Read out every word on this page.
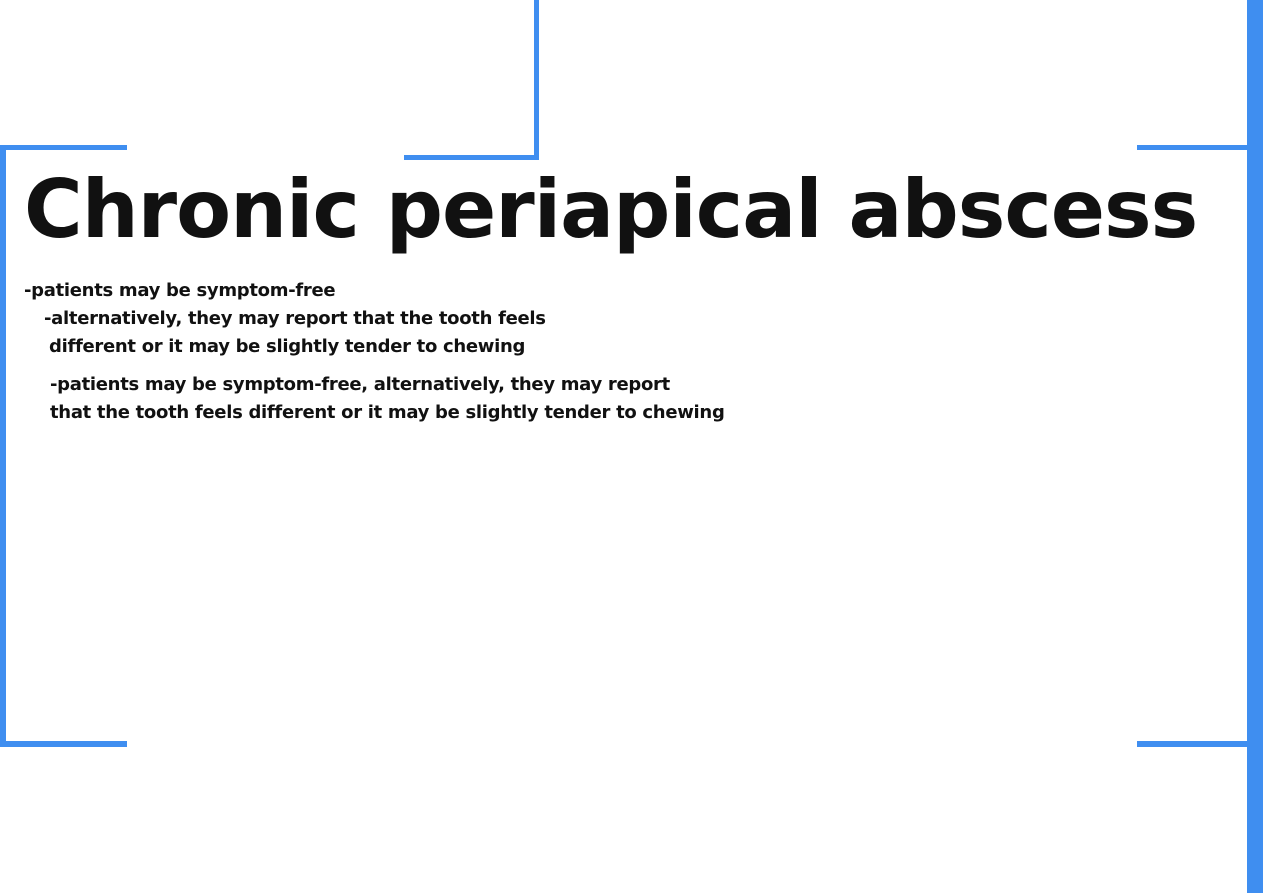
Chronic periapical abscess

-patients may be symptom-free

-alternatively, they may report that the tooth feels
different or it may be slightly tender to chewing

-patients may be symptom-free, alternatively, they may report
that the tooth feels different or it may be slightly tender to chewing
